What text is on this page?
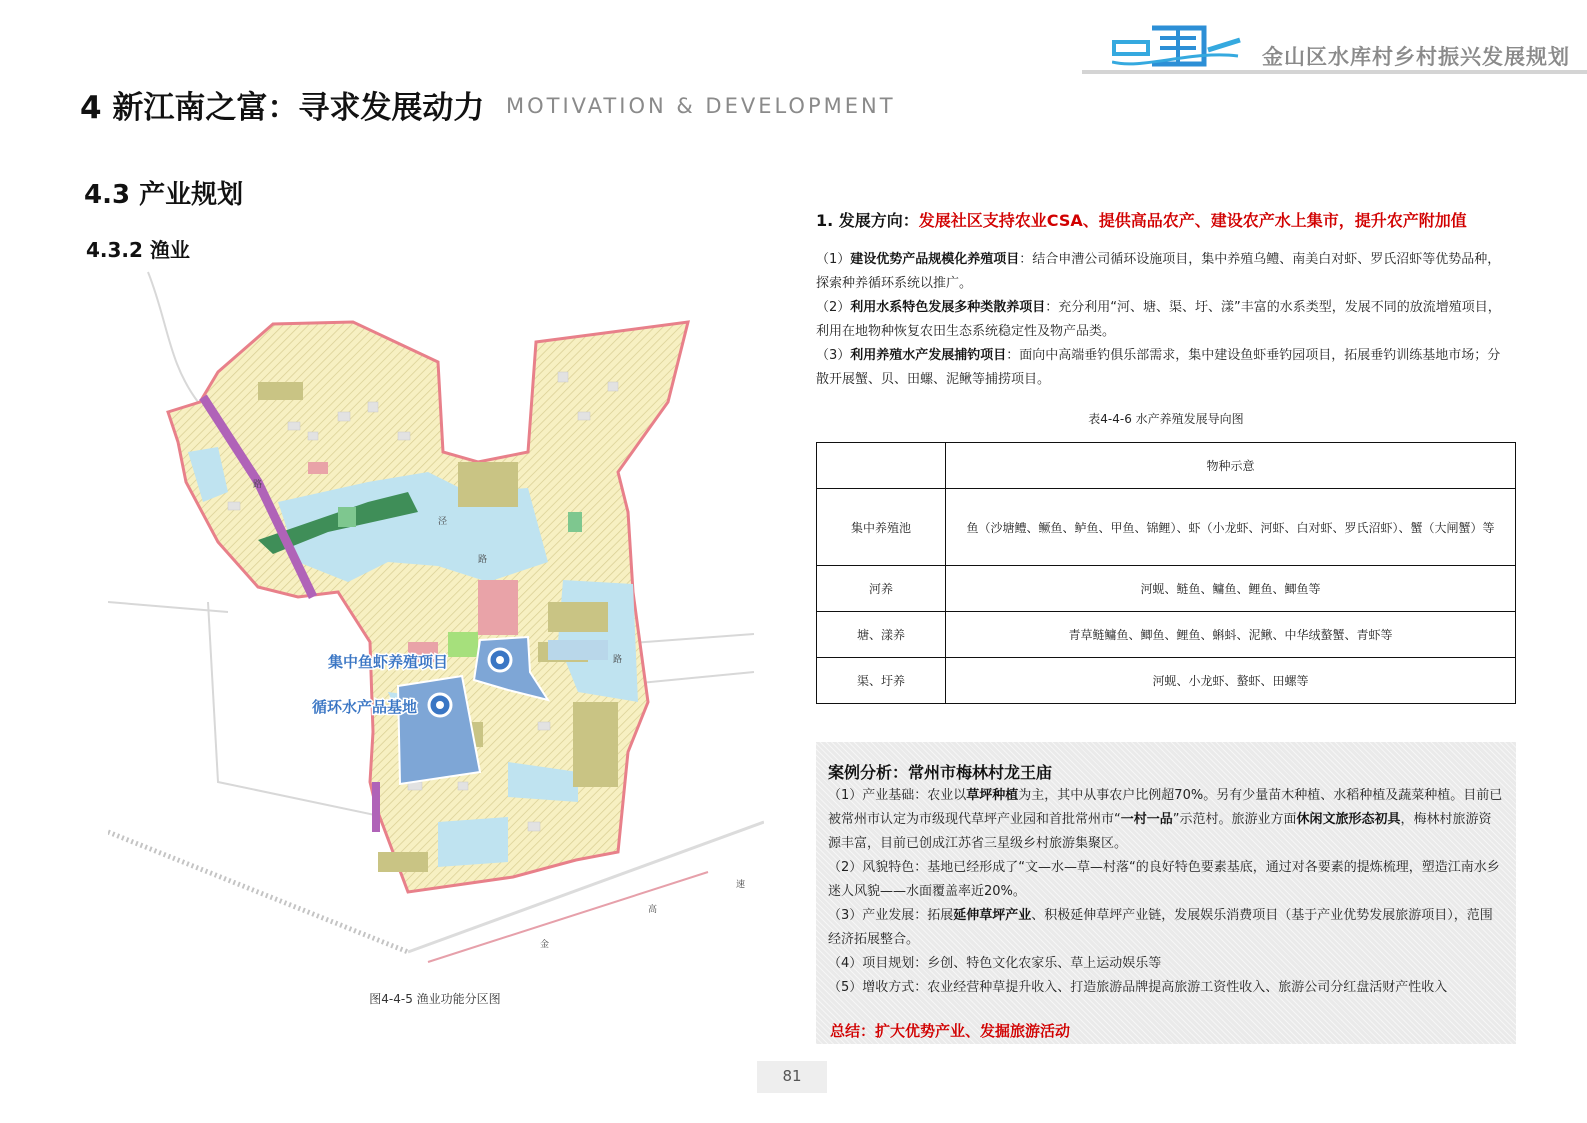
金山区水库村乡村振兴发展规划
4 新江南之富：寻求发展动力 MOTIVATION & DEVELOPMENT
4.3 产业规划
4.3.2 渔业
集中鱼虾养殖项目
循环水产品基地
泾
路
路
路
速
高
金
图4-4-5 渔业功能分区图
1. 发展方向：发展社区支持农业CSA、提供高品农产、建设农产水上集市，提升农产附加值
（1）建设优势产品规模化养殖项目：结合申漕公司循环设施项目，集中养殖乌鳢、南美白对虾、罗氏沼虾等优势品种，探索种养循环系统以推广。
（2）利用水系特色发展多种类散养项目：充分利用“河、塘、渠、圩、漾”丰富的水系类型，发展不同的放流增殖项目，利用在地物种恢复农田生态系统稳定性及物产品类。
（3）利用养殖水产发展捕钓项目：面向中高端垂钓俱乐部需求，集中建设鱼虾垂钓园项目，拓展垂钓训练基地市场；分散开展蟹、贝、田螺、泥鳅等捕捞项目。
表4-4-6 水产养殖发展导向图
	物种示意
集中养殖池	鱼（沙塘鳢、鳜鱼、鲈鱼、甲鱼、锦鲤）、虾（小龙虾、河虾、白对虾、罗氏沼虾）、蟹（大闸蟹）等
河养	河蚬、鲢鱼、鳙鱼、鲤鱼、鲫鱼等
塘、漾养	青草鲢鳙鱼、鲫鱼、鲤鱼、蝌蚪、泥鳅、中华绒螯蟹、青虾等
渠、圩养	河蚬、小龙虾、螯虾、田螺等
案例分析：常州市梅林村龙王庙
（1）产业基础：农业以草坪种植为主，其中从事农户比例超70%。另有少量苗木种植、水稻种植及蔬菜种植。目前已被常州市认定为市级现代草坪产业园和首批常州市“一村一品”示范村。旅游业方面休闲文旅形态初具，梅林村旅游资源丰富，目前已创成江苏省三星级乡村旅游集聚区。
（2）风貌特色：基地已经形成了“文—水—草—村落“的良好特色要素基底，通过对各要素的提炼梳理，塑造江南水乡迷人风貌——水面覆盖率近20%。
（3）产业发展：拓展延伸草坪产业、积极延伸草坪产业链，发展娱乐消费项目（基于产业优势发展旅游项目），范围经济拓展整合。
（4）项目规划：乡创、特色文化农家乐、草上运动娱乐等
（5）增收方式：农业经营种草提升收入、打造旅游品牌提高旅游工资性收入、旅游公司分红盘活财产性收入
总结：扩大优势产业、发掘旅游活动
81
